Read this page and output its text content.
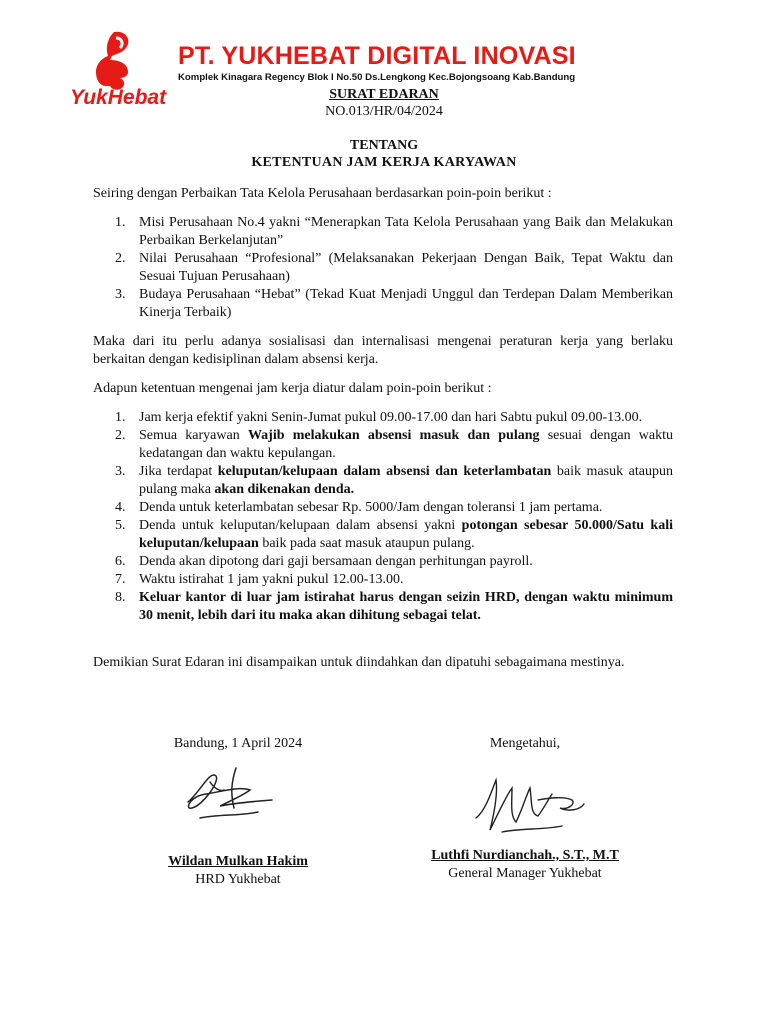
YukHebat
PT. YUKHEBAT DIGITAL INOVASI
Komplek Kinagara Regency Blok I No.50 Ds.Lengkong Kec.Bojongsoang Kab.Bandung
SURAT EDARAN
NO.013/HR/04/2024
TENTANG
KETENTUAN JAM KERJA KARYAWAN
Seiring dengan Perbaikan Tata Kelola Perusahaan berdasarkan poin-poin berikut :
1. Misi Perusahaan No.4 yakni “Menerapkan Tata Kelola Perusahaan yang Baik dan Melakukan Perbaikan Berkelanjutan”
2. Nilai Perusahaan “Profesional” (Melaksanakan Pekerjaan Dengan Baik, Tepat Waktu dan Sesuai Tujuan Perusahaan)
3. Budaya Perusahaan “Hebat” (Tekad Kuat Menjadi Unggul dan Terdepan Dalam Memberikan Kinerja Terbaik)
Maka dari itu perlu adanya sosialisasi dan internalisasi mengenai peraturan kerja yang berlaku berkaitan dengan kedisiplinan dalam absensi kerja.
Adapun ketentuan mengenai jam kerja diatur dalam poin-poin berikut :
1. Jam kerja efektif yakni Senin-Jumat pukul 09.00-17.00 dan hari Sabtu pukul 09.00-13.00.
2. Semua karyawan Wajib melakukan absensi masuk dan pulang sesuai dengan waktu kedatangan dan waktu kepulangan.
3. Jika terdapat keluputan/kelupaan dalam absensi dan keterlambatan baik masuk ataupun pulang maka akan dikenakan denda.
4. Denda untuk keterlambatan sebesar Rp. 5000/Jam dengan toleransi 1 jam pertama.
5. Denda untuk keluputan/kelupaan dalam absensi yakni potongan sebesar 50.000/Satu kali keluputan/kelupaan baik pada saat masuk ataupun pulang.
6. Denda akan dipotong dari gaji bersamaan dengan perhitungan payroll.
7. Waktu istirahat 1 jam yakni pukul 12.00-13.00.
8. Keluar kantor di luar jam istirahat harus dengan seizin HRD, dengan waktu minimum 30 menit, lebih dari itu maka akan dihitung sebagai telat.
Demikian Surat Edaran ini disampaikan untuk diindahkan dan dipatuhi sebagaimana mestinya.
Bandung, 1 April 2024
Wildan Mulkan Hakim
HRD Yukhebat
Mengetahui,
Luthfi Nurdianchah., S.T., M.T
General Manager Yukhebat
